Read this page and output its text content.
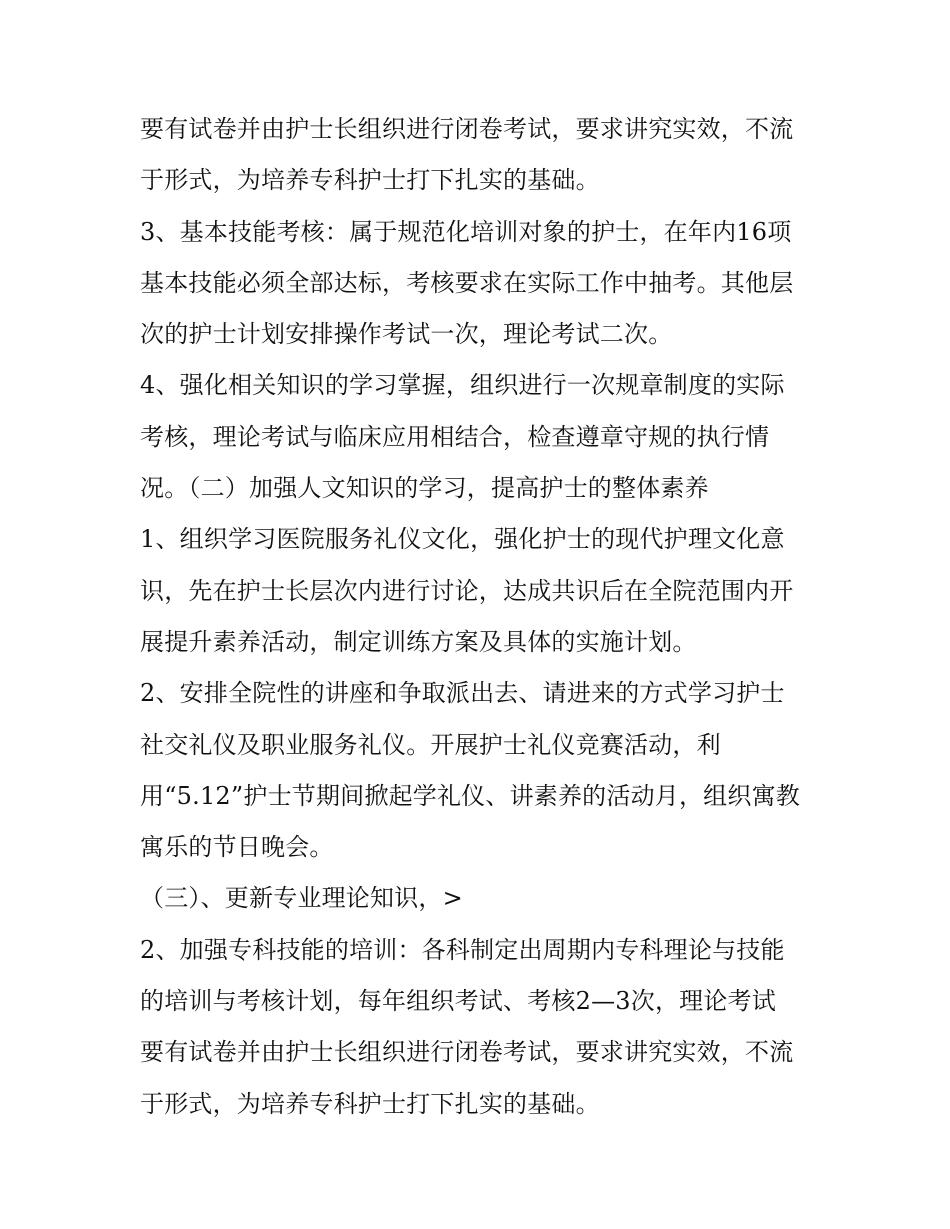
要有试卷并由护士长组织进行闭卷考试，要求讲究实效，不流
于形式，为培养专科护士打下扎实的基础。
3、基本技能考核：属于规范化培训对象的护士，在年内16项
基本技能必须全部达标，考核要求在实际工作中抽考。其他层
次的护士计划安排操作考试一次，理论考试二次。
4、强化相关知识的学习掌握，组织进行一次规章制度的实际
考核，理论考试与临床应用相结合，检查遵章守规的执行情
况。（二）加强人文知识的学习，提高护士的整体素养
1、组织学习医院服务礼仪文化，强化护士的现代护理文化意
识，先在护士长层次内进行讨论，达成共识后在全院范围内开
展提升素养活动，制定训练方案及具体的实施计划。
2、安排全院性的讲座和争取派出去、请进来的方式学习护士
社交礼仪及职业服务礼仪。开展护士礼仪竞赛活动，利
用“5.12”护士节期间掀起学礼仪、讲素养的活动月，组织寓教
寓乐的节日晚会。
（三）、更新专业理论知识，>
2、加强专科技能的培训：各科制定出周期内专科理论与技能
的培训与考核计划，每年组织考试、考核2—3次，理论考试
要有试卷并由护士长组织进行闭卷考试，要求讲究实效，不流
于形式，为培养专科护士打下扎实的基础。
